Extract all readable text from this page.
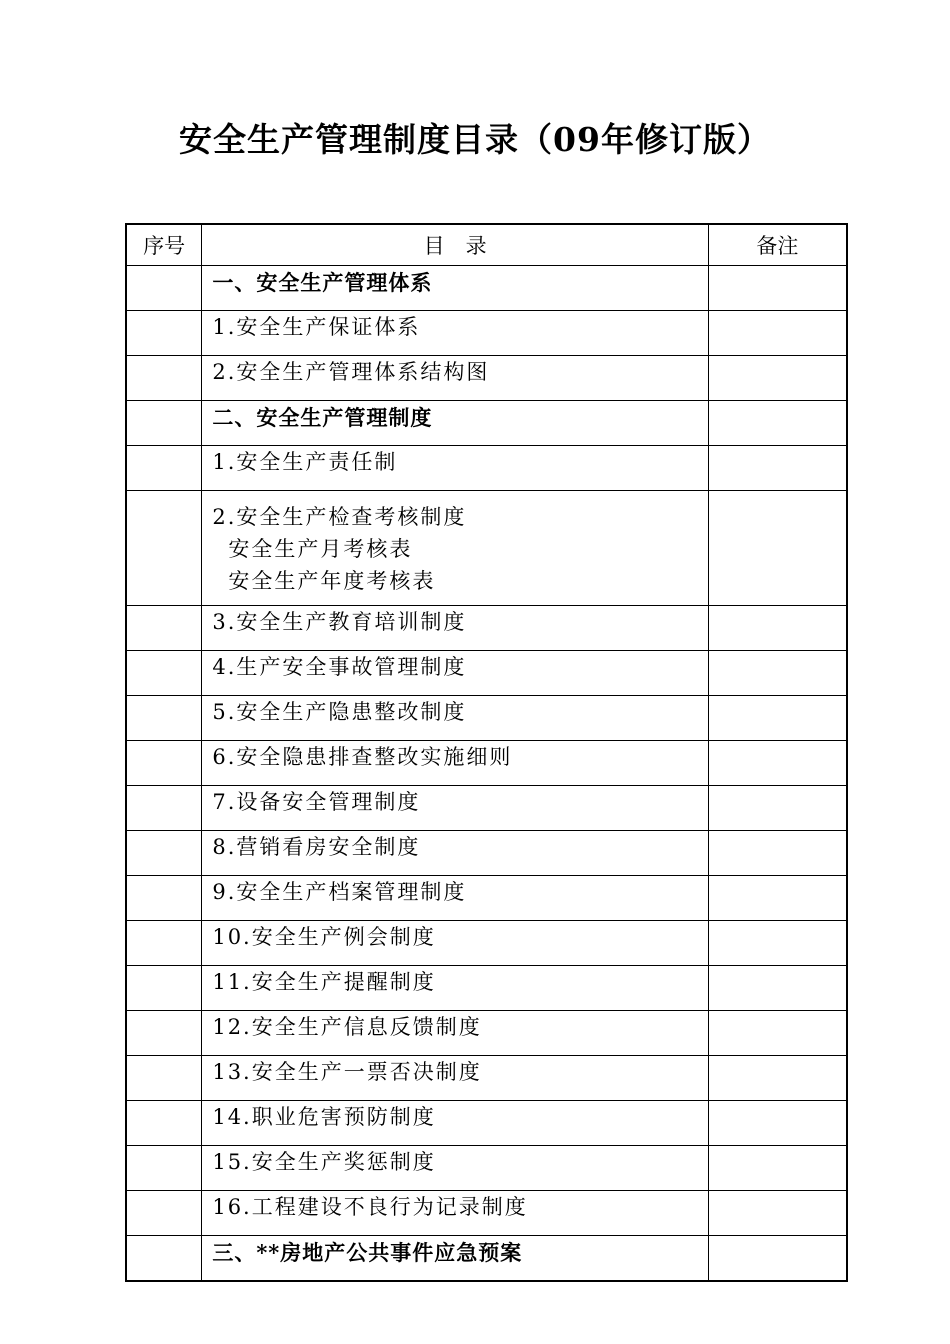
安全生产管理制度目录（09年修订版）
序号	目　录	备注
	一、安全生产管理体系	
	1.安全生产保证体系	
	2.安全生产管理体系结构图	
	二、安全生产管理制度	
	1.安全生产责任制	

	2.安全生产检查考核制度
安全生产月考核表
安全生产年度考核表	

	3.安全生产教育培训制度	
	4.生产安全事故管理制度	
	5.安全生产隐患整改制度	
	6.安全隐患排查整改实施细则	
	7.设备安全管理制度	
	8.营销看房安全制度	
	9.安全生产档案管理制度	
	10.安全生产例会制度	
	11.安全生产提醒制度	
	12.安全生产信息反馈制度	
	13.安全生产一票否决制度	
	14.职业危害预防制度	
	15.安全生产奖惩制度	
	16.工程建设不良行为记录制度	
	三、**房地产公共事件应急预案	
